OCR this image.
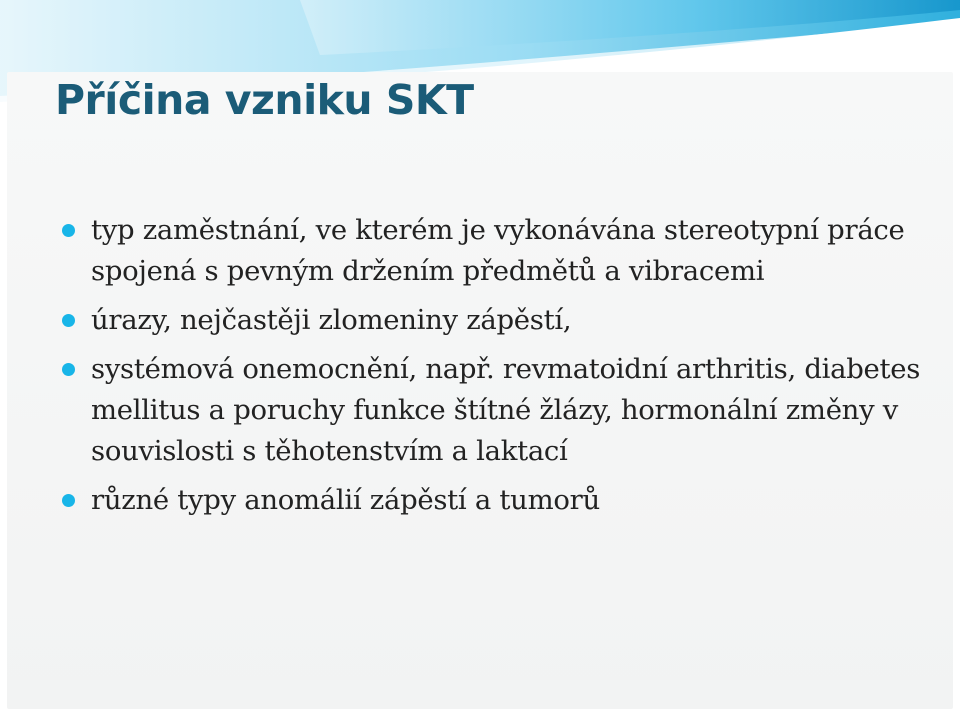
Příčina vzniku SKT
typ zaměstnání, ve kterém je vykonávána stereotypní práce spojená s pevným držením předmětů a vibracemi
úrazy, nejčastěji zlomeniny zápěstí,
systémová onemocnění, např. revmatoidní arthritis, diabetes mellitus a poruchy funkce štítné žlázy, hormonální změny v souvislosti s těhotenstvím a laktací
různé typy anomálií zápěstí a tumorů
